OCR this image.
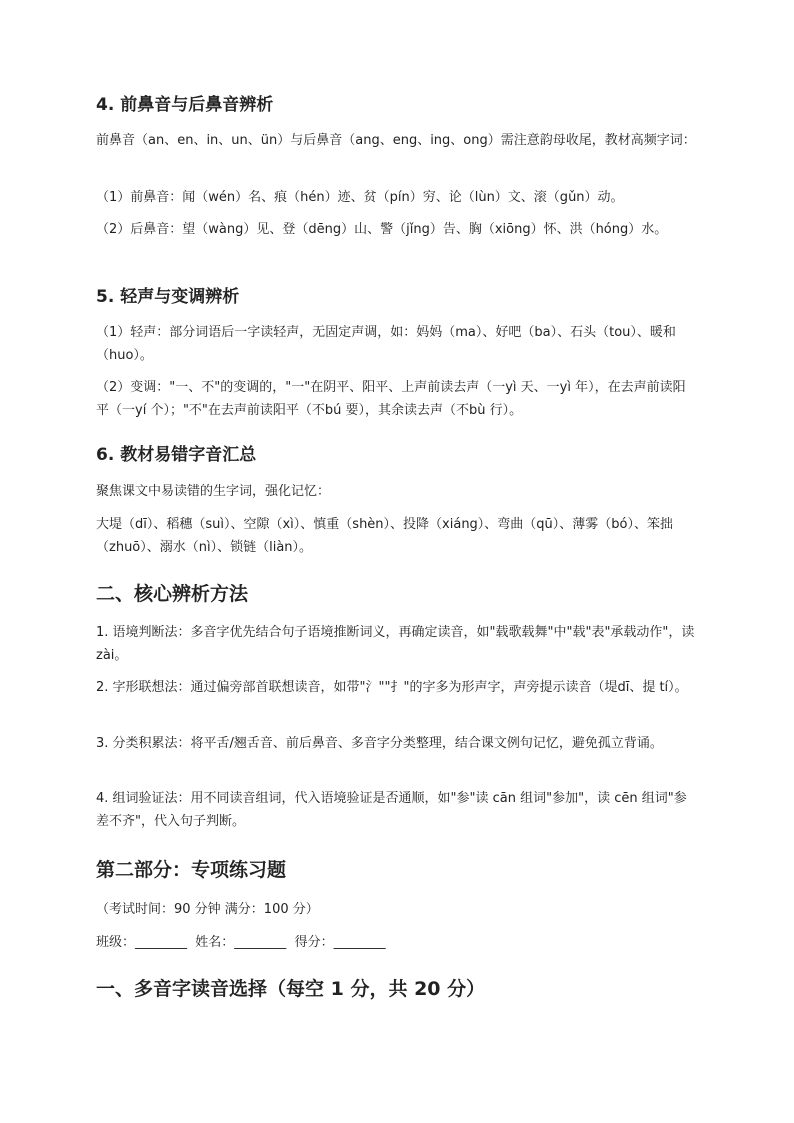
4. 前鼻音与后鼻音辨析

前鼻音（an、en、in、un、ün）与后鼻音（ang、eng、ing、ong）需注意韵母收尾，教材高频字词：

（1）前鼻音：闻（wén）名、痕（hén）迹、贫（pín）穷、论（lùn）文、滚（gǔn）动。

（2）后鼻音：望（wàng）见、登（dēng）山、警（jǐng）告、胸（xiōng）怀、洪（hóng）水。

5. 轻声与变调辨析

（1）轻声：部分词语后一字读轻声，无固定声调，如：妈妈（ma）、好吧（ba）、石头（tou）、暖和（huo）。

（2）变调："一、不"的变调的，"一"在阴平、阳平、上声前读去声（一yì 天、一yì 年），在去声前读阳平（一yí 个）；"不"在去声前读阳平（不bú 要），其余读去声（不bù 行）。

6. 教材易错字音汇总

聚焦课文中易读错的生字词，强化记忆：

大堤（dī）、稻穗（suì）、空隙（xì）、慎重（shèn）、投降（xiáng）、弯曲（qū）、薄雾（bó）、笨拙（zhuō）、溺水（nì）、锁链（liàn）。

二、核心辨析方法

1. 语境判断法：多音字优先结合句子语境推断词义，再确定读音，如"载歌载舞"中"载"表"承载动作"，读 zài。

2. 字形联想法：通过偏旁部首联想读音，如带"氵""扌"的字多为形声字，声旁提示读音（堤dī、提 tí）。

3. 分类积累法：将平舌/翘舌音、前后鼻音、多音字分类整理，结合课文例句记忆，避免孤立背诵。

4. 组词验证法：用不同读音组词，代入语境验证是否通顺，如"参"读 cān 组词"参加"，读 cēn 组词"参差不齐"，代入句子判断。

第二部分：专项练习题

（考试时间：90 分钟 满分：100 分）

班级：________ 姓名：________ 得分：________

一、多音字读音选择（每空 1 分，共 20 分）
